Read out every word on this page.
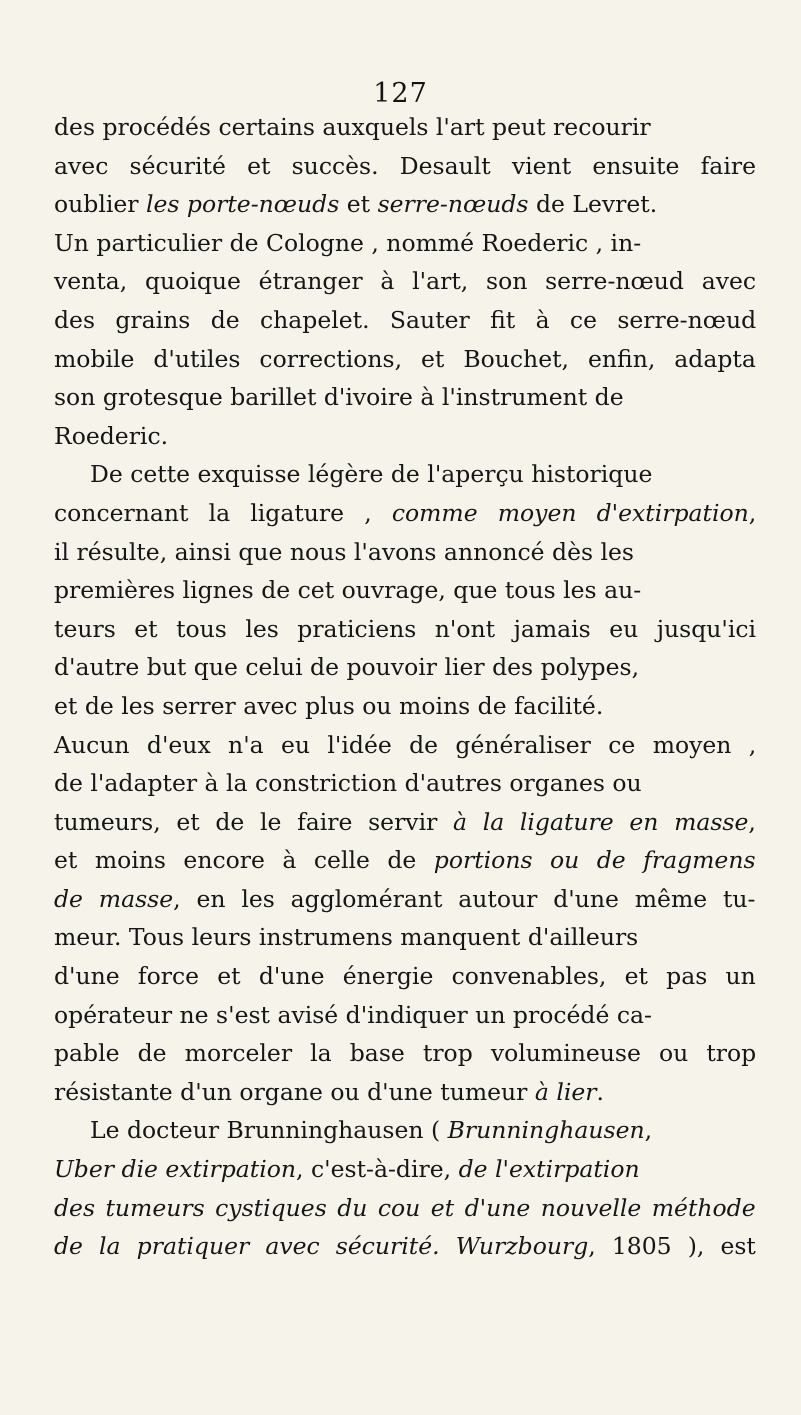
127
des procédés certains auxquels l'art peut recourir
avec sécurité et succès. Desault vient ensuite faire
oublier les porte-nœuds et serre-nœuds de Levret.
Un particulier de Cologne , nommé Roederic , in-
venta, quoique étranger à l'art, son serre-nœud avec
des grains de chapelet. Sauter fit à ce serre-nœud
mobile d'utiles corrections, et Bouchet, enfin, adapta
son grotesque barillet d'ivoire à l'instrument de
Roederic.
De cette exquisse légère de l'aperçu historique
concernant la ligature , comme moyen d'extirpation,
il résulte, ainsi que nous l'avons annoncé dès les
premières lignes de cet ouvrage, que tous les au-
teurs et tous les praticiens n'ont jamais eu jusqu'ici
d'autre but que celui de pouvoir lier des polypes,
et de les serrer avec plus ou moins de facilité.
Aucun d'eux n'a eu l'idée de généraliser ce moyen ,
de l'adapter à la constriction d'autres organes ou
tumeurs, et de le faire servir à la ligature en masse,
et moins encore à celle de portions ou de fragmens
de masse, en les agglomérant autour d'une même tu-
meur. Tous leurs instrumens manquent d'ailleurs
d'une force et d'une énergie convenables, et pas un
opérateur ne s'est avisé d'indiquer un procédé ca-
pable de morceler la base trop volumineuse ou trop
résistante d'un organe ou d'une tumeur à lier.
Le docteur Brunninghausen ( Brunninghausen,
Uber die extirpation, c'est-à-dire, de l'extirpation
des tumeurs cystiques du cou et d'une nouvelle méthode
de la pratiquer avec sécurité. Wurzbourg, 1805 ), est
